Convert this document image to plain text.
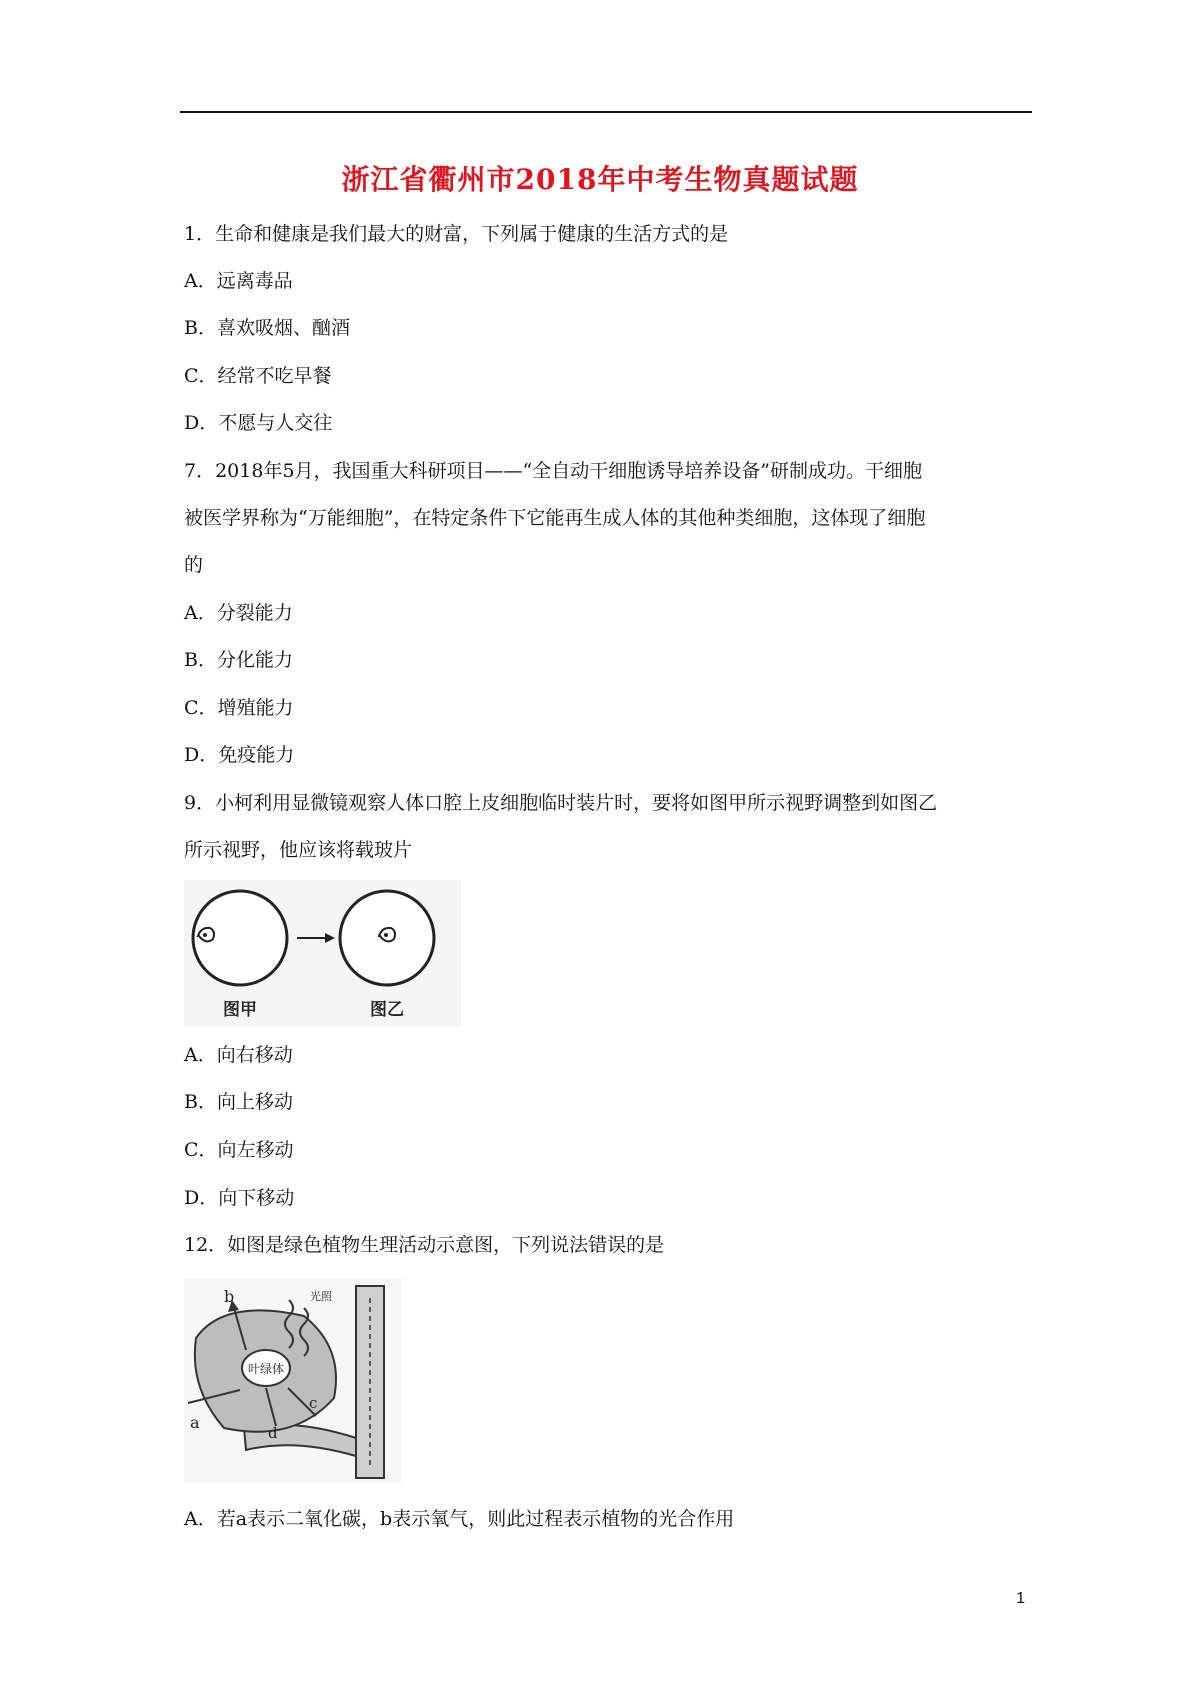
浙江省衢州市2018年中考生物真题试题
1．生命和健康是我们最大的财富，下列属于健康的生活方式的是
A．远离毒品
B．喜欢吸烟、酗酒
C．经常不吃早餐
D．不愿与人交往
7．2018年5月，我国重大科研项目——“全自动干细胞诱导培养设备”研制成功。干细胞
被医学界称为“万能细胞”，在特定条件下它能再生成人体的其他种类细胞，这体现了细胞
的
A．分裂能力
B．分化能力
C．增殖能力
D．免疫能力
9．小柯利用显微镜观察人体口腔上皮细胞临时装片时，要将如图甲所示视野调整到如图乙
所示视野，他应该将载玻片
图甲	图乙
A．向右移动
B．向上移动
C．向左移动
D．向下移动
12．如图是绿色植物生理活动示意图，下列说法错误的是
叶绿体
光照
b
a
c
d
A．若a表示二氧化碳，b表示氧气，则此过程表示植物的光合作用
1
